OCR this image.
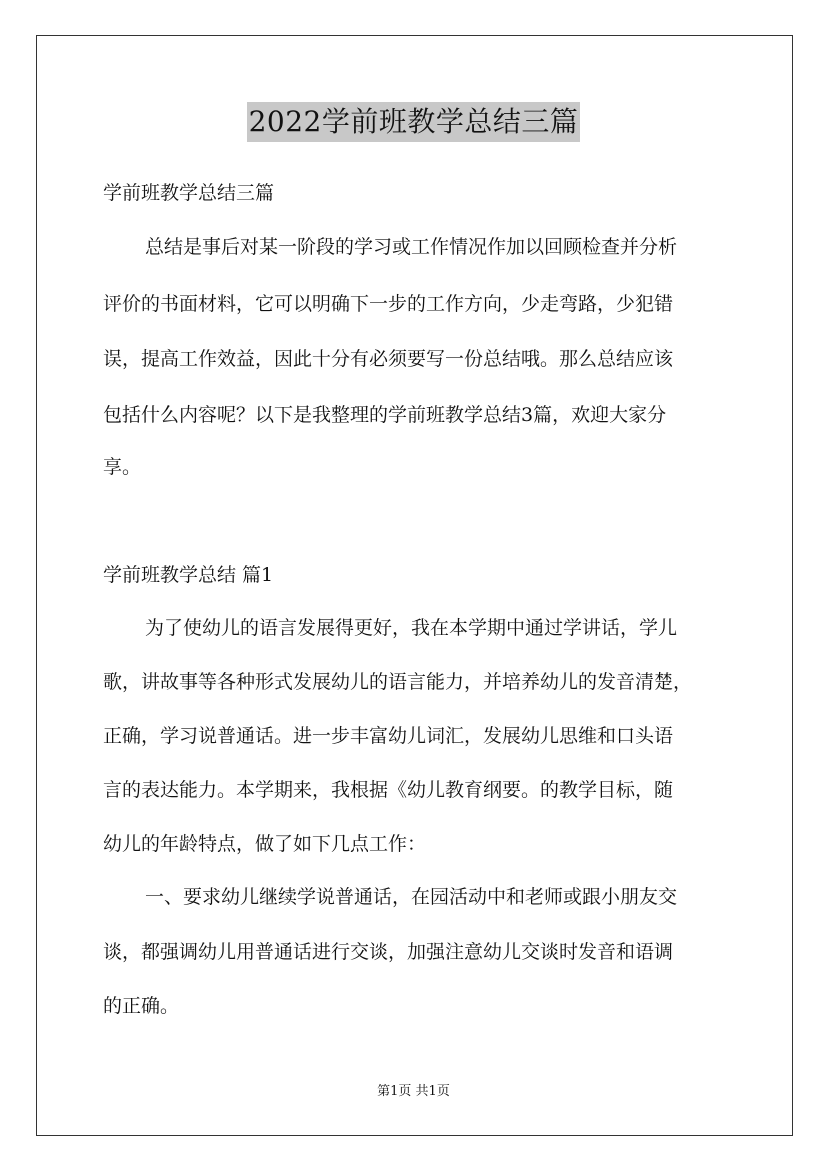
2022学前班教学总结三篇
学前班教学总结三篇
总结是事后对某一阶段的学习或工作情况作加以回顾检查并分析
评价的书面材料，它可以明确下一步的工作方向，少走弯路，少犯错
误，提高工作效益，因此十分有必须要写一份总结哦。那么总结应该
包括什么内容呢？以下是我整理的学前班教学总结3篇，欢迎大家分
享。
学前班教学总结 篇1
为了使幼儿的语言发展得更好，我在本学期中通过学讲话，学儿
歌，讲故事等各种形式发展幼儿的语言能力，并培养幼儿的发音清楚，
正确，学习说普通话。进一步丰富幼儿词汇，发展幼儿思维和口头语
言的表达能力。本学期来，我根据《幼儿教育纲要。的教学目标，随
幼儿的年龄特点，做了如下几点工作：
一、要求幼儿继续学说普通话，在园活动中和老师或跟小朋友交
谈，都强调幼儿用普通话进行交谈，加强注意幼儿交谈时发音和语调
的正确。
第1页 共1页
